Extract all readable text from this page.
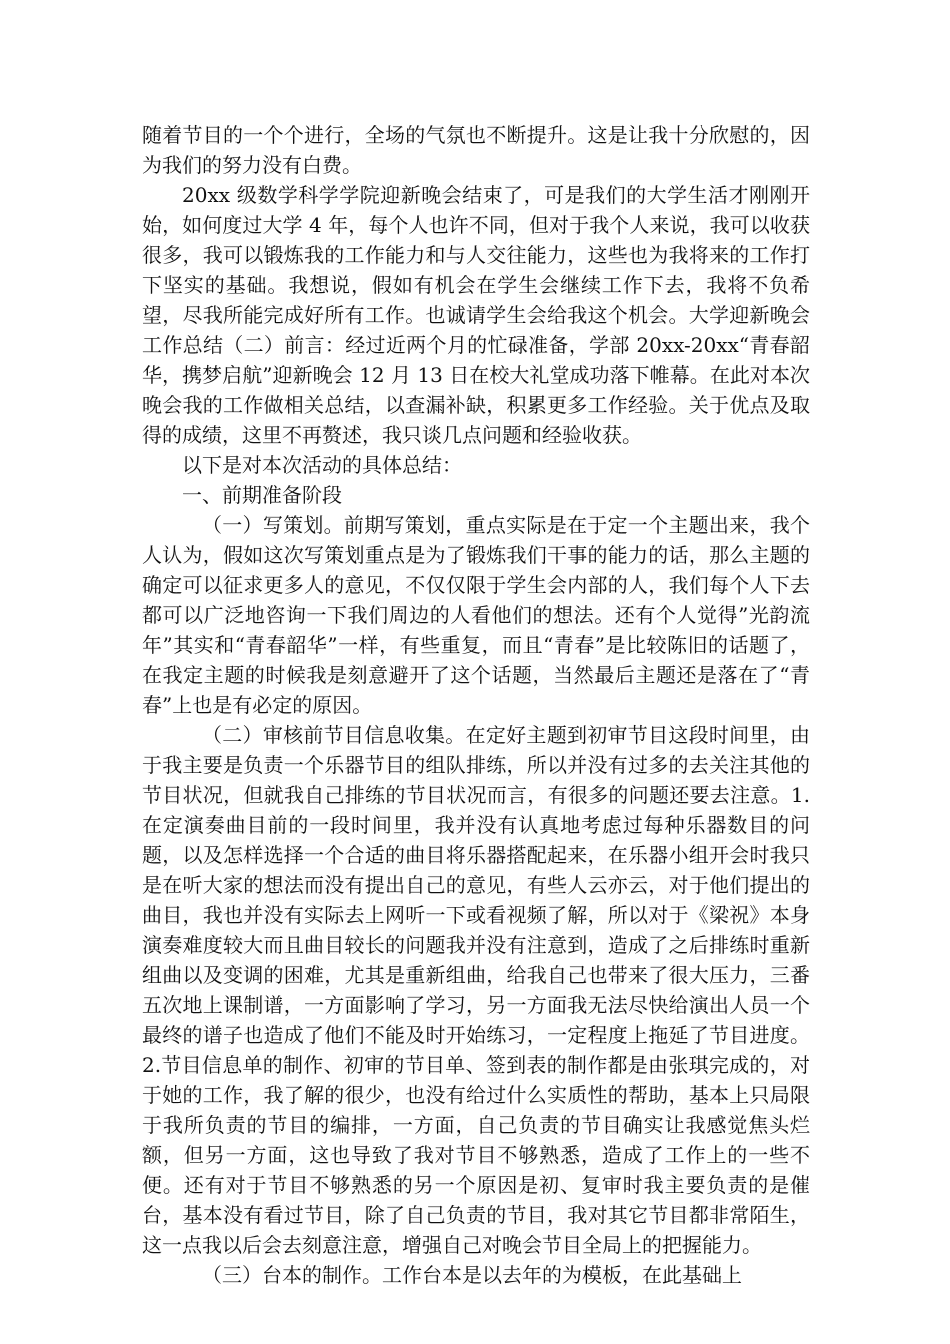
随着节目的一个个进行，全场的气氛也不断提升。这是让我十分欣慰的，因为我们的努力没有白费。

20xx 级数学科学学院迎新晚会结束了，可是我们的大学生活才刚刚开始，如何度过大学 4 年，每个人也许不同，但对于我个人来说，我可以收获很多，我可以锻炼我的工作能力和与人交往能力，这些也为我将来的工作打下坚实的基础。我想说，假如有机会在学生会继续工作下去，我将不负希望，尽我所能完成好所有工作。也诚请学生会给我这个机会。大学迎新晚会工作总结（二）前言：经过近两个月的忙碌准备，学部 20xx-20xx“青春韶华，携梦启航”迎新晚会 12 月 13 日在校大礼堂成功落下帷幕。在此对本次晚会我的工作做相关总结，以查漏补缺，积累更多工作经验。关于优点及取得的成绩，这里不再赘述，我只谈几点问题和经验收获。

以下是对本次活动的具体总结：

一、前期准备阶段

（一）写策划。前期写策划，重点实际是在于定一个主题出来，我个人认为，假如这次写策划重点是为了锻炼我们干事的能力的话，那么主题的确定可以征求更多人的意见，不仅仅限于学生会内部的人，我们每个人下去都可以广泛地咨询一下我们周边的人看他们的想法。还有个人觉得”光韵流年”其实和“青春韶华”一样，有些重复，而且“青春”是比较陈旧的话题了，在我定主题的时候我是刻意避开了这个话题，当然最后主题还是落在了“青春”上也是有必定的原因。

（二）审核前节目信息收集。在定好主题到初审节目这段时间里，由于我主要是负责一个乐器节目的组队排练，所以并没有过多的去关注其他的节目状况，但就我自己排练的节目状况而言，有很多的问题还要去注意。1.在定演奏曲目前的一段时间里，我并没有认真地考虑过每种乐器数目的问题，以及怎样选择一个合适的曲目将乐器搭配起来，在乐器小组开会时我只是在听大家的想法而没有提出自己的意见，有些人云亦云，对于他们提出的曲目，我也并没有实际去上网听一下或看视频了解，所以对于《梁祝》本身演奏难度较大而且曲目较长的问题我并没有注意到，造成了之后排练时重新组曲以及变调的困难，尤其是重新组曲，给我自己也带来了很大压力，三番五次地上课制谱，一方面影响了学习，另一方面我无法尽快给演出人员一个最终的谱子也造成了他们不能及时开始练习，一定程度上拖延了节目进度。2.节目信息单的制作、初审的节目单、签到表的制作都是由张琪完成的，对于她的工作，我了解的很少，也没有给过什么实质性的帮助，基本上只局限于我所负责的节目的编排，一方面，自己负责的节目确实让我感觉焦头烂额，但另一方面，这也导致了我对节目不够熟悉，造成了工作上的一些不便。还有对于节目不够熟悉的另一个原因是初、复审时我主要负责的是催台，基本没有看过节目，除了自己负责的节目，我对其它节目都非常陌生，这一点我以后会去刻意注意，增强自己对晚会节目全局上的把握能力。

（三）台本的制作。工作台本是以去年的为模板，在此基础上
